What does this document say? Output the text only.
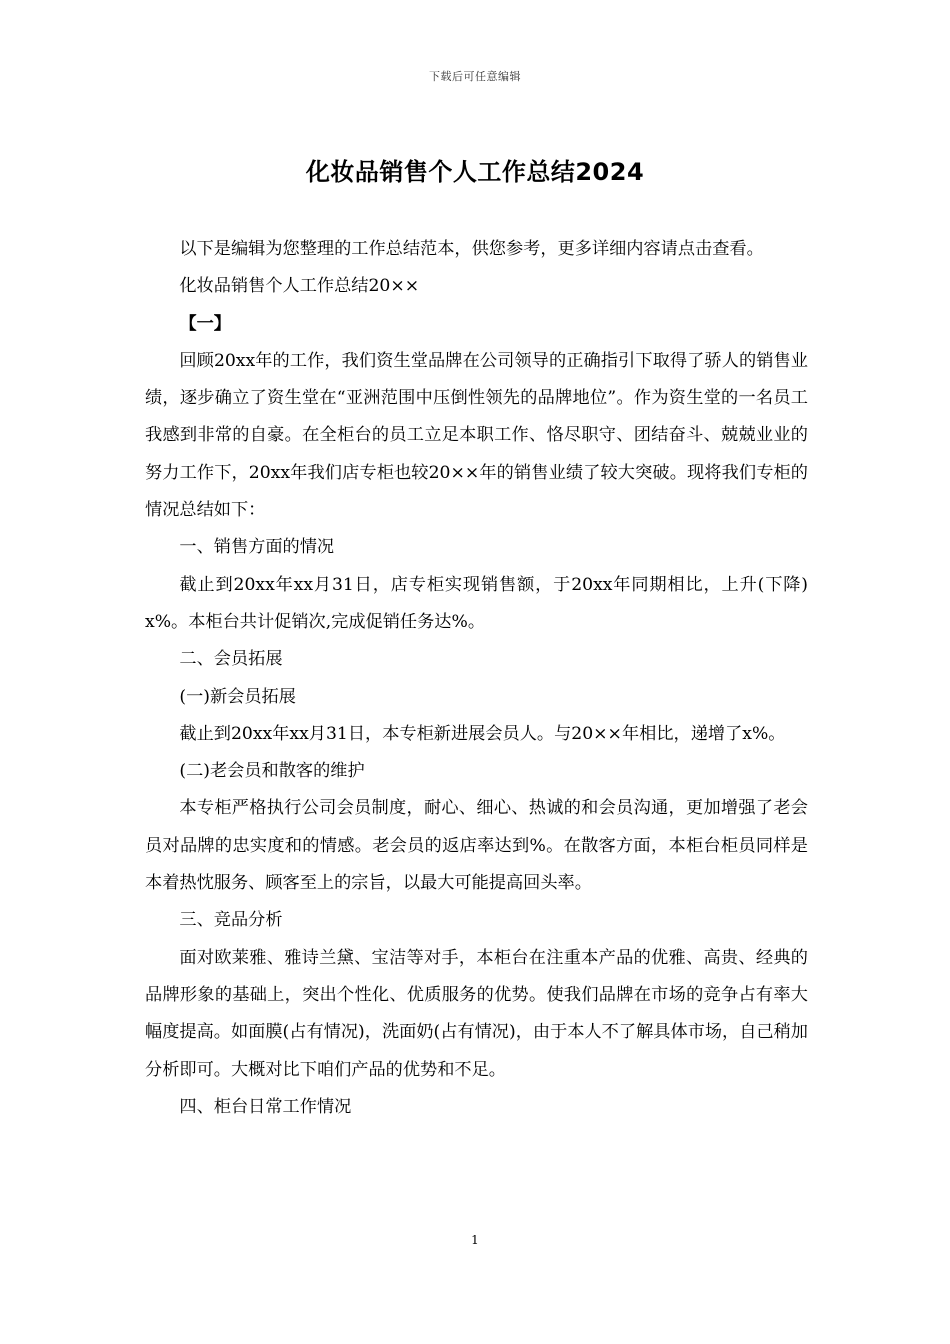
下载后可任意编辑
化妆品销售个人工作总结2024

以下是编辑为您整理的工作总结范本，供您参考，更多详细内容请点击查看。

化妆品销售个人工作总结20××

【一】

回顾20xx年的工作，我们资生堂品牌在公司领导的正确指引下取得了骄人的销售业绩，逐步确立了资生堂在“亚洲范围中压倒性领先的品牌地位”。作为资生堂的一名员工我感到非常的自豪。在全柜台的员工立足本职工作、恪尽职守、团结奋斗、兢兢业业的努力工作下，20xx年我们店专柜也较20××年的销售业绩了较大突破。现将我们专柜的情况总结如下：

一、销售方面的情况

截止到20xx年xx月31日，店专柜实现销售额，于20xx年同期相比，上升(下降)x%。本柜台共计促销次,完成促销任务达%。

二、会员拓展

(一)新会员拓展

截止到20xx年xx月31日，本专柜新进展会员人。与20××年相比，递增了x%。

(二)老会员和散客的维护

本专柜严格执行公司会员制度，耐心、细心、热诚的和会员沟通，更加增强了老会员对品牌的忠实度和的情感。老会员的返店率达到%。在散客方面，本柜台柜员同样是本着热忱服务、顾客至上的宗旨，以最大可能提高回头率。

三、竞品分析

面对欧莱雅、雅诗兰黛、宝洁等对手，本柜台在注重本产品的优雅、高贵、经典的品牌形象的基础上，突出个性化、优质服务的优势。使我们品牌在市场的竞争占有率大幅度提高。如面膜(占有情况)，洗面奶(占有情况)，由于本人不了解具体市场，自己稍加分析即可。大概对比下咱们产品的优势和不足。

四、柜台日常工作情况

1
